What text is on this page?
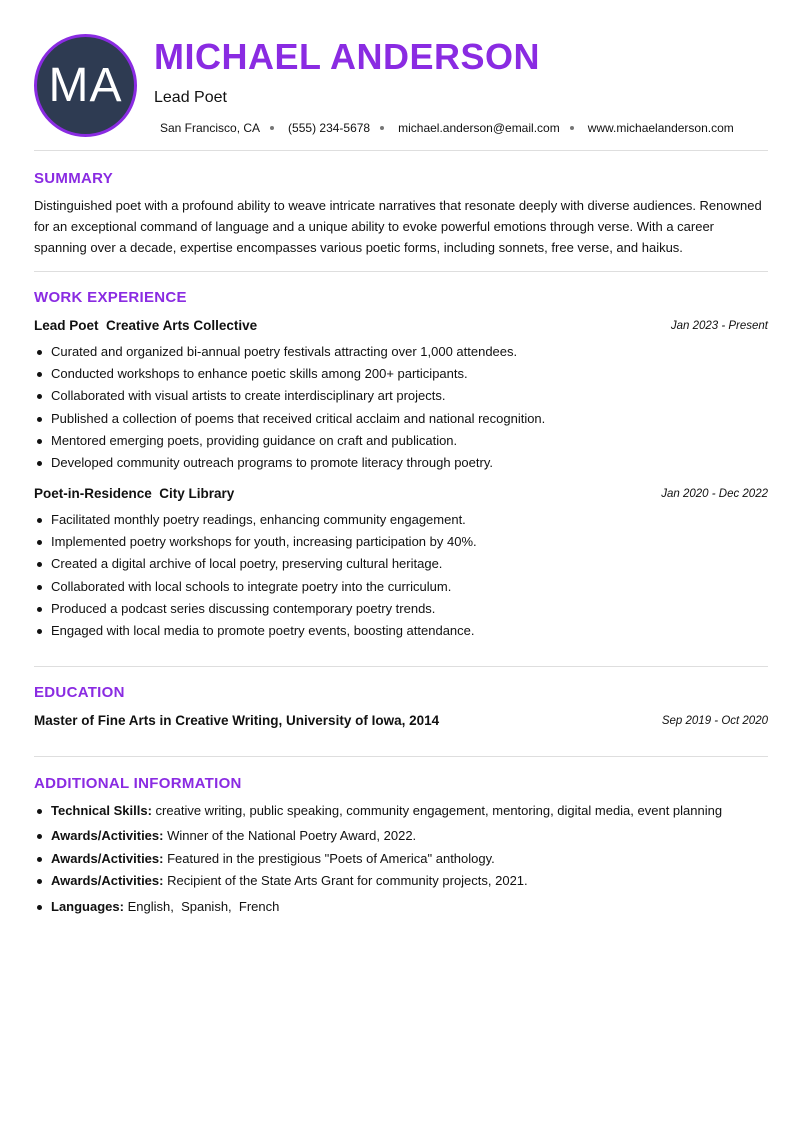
MA
MICHAEL ANDERSON
Lead Poet
San Francisco, CA (555) 234-5678 michael.anderson@email.com www.michaelanderson.com
SUMMARY
Distinguished poet with a profound ability to weave intricate narratives that resonate deeply with diverse audiences. Renowned for an exceptional command of language and a unique ability to evoke powerful emotions through verse. With a career spanning over a decade, expertise encompasses various poetic forms, including sonnets, free verse, and haikus.
WORK EXPERIENCE
Lead Poet Creative Arts Collective	Jan 2023 - Present
Curated and organized bi-annual poetry festivals attracting over 1,000 attendees.
Conducted workshops to enhance poetic skills among 200+ participants.
Collaborated with visual artists to create interdisciplinary art projects.
Published a collection of poems that received critical acclaim and national recognition.
Mentored emerging poets, providing guidance on craft and publication.
Developed community outreach programs to promote literacy through poetry.
Poet-in-Residence City Library	Jan 2020 - Dec 2022
Facilitated monthly poetry readings, enhancing community engagement.
Implemented poetry workshops for youth, increasing participation by 40%.
Created a digital archive of local poetry, preserving cultural heritage.
Collaborated with local schools to integrate poetry into the curriculum.
Produced a podcast series discussing contemporary poetry trends.
Engaged with local media to promote poetry events, boosting attendance.
EDUCATION
Master of Fine Arts in Creative Writing, University of Iowa, 2014	Sep 2019 - Oct 2020
ADDITIONAL INFORMATION
Technical Skills: creative writing, public speaking, community engagement, mentoring, digital media, event planning
Awards/Activities: Winner of the National Poetry Award, 2022.
Awards/Activities: Featured in the prestigious "Poets of America" anthology.
Awards/Activities: Recipient of the State Arts Grant for community projects, 2021.
Languages: English,  Spanish,  French
